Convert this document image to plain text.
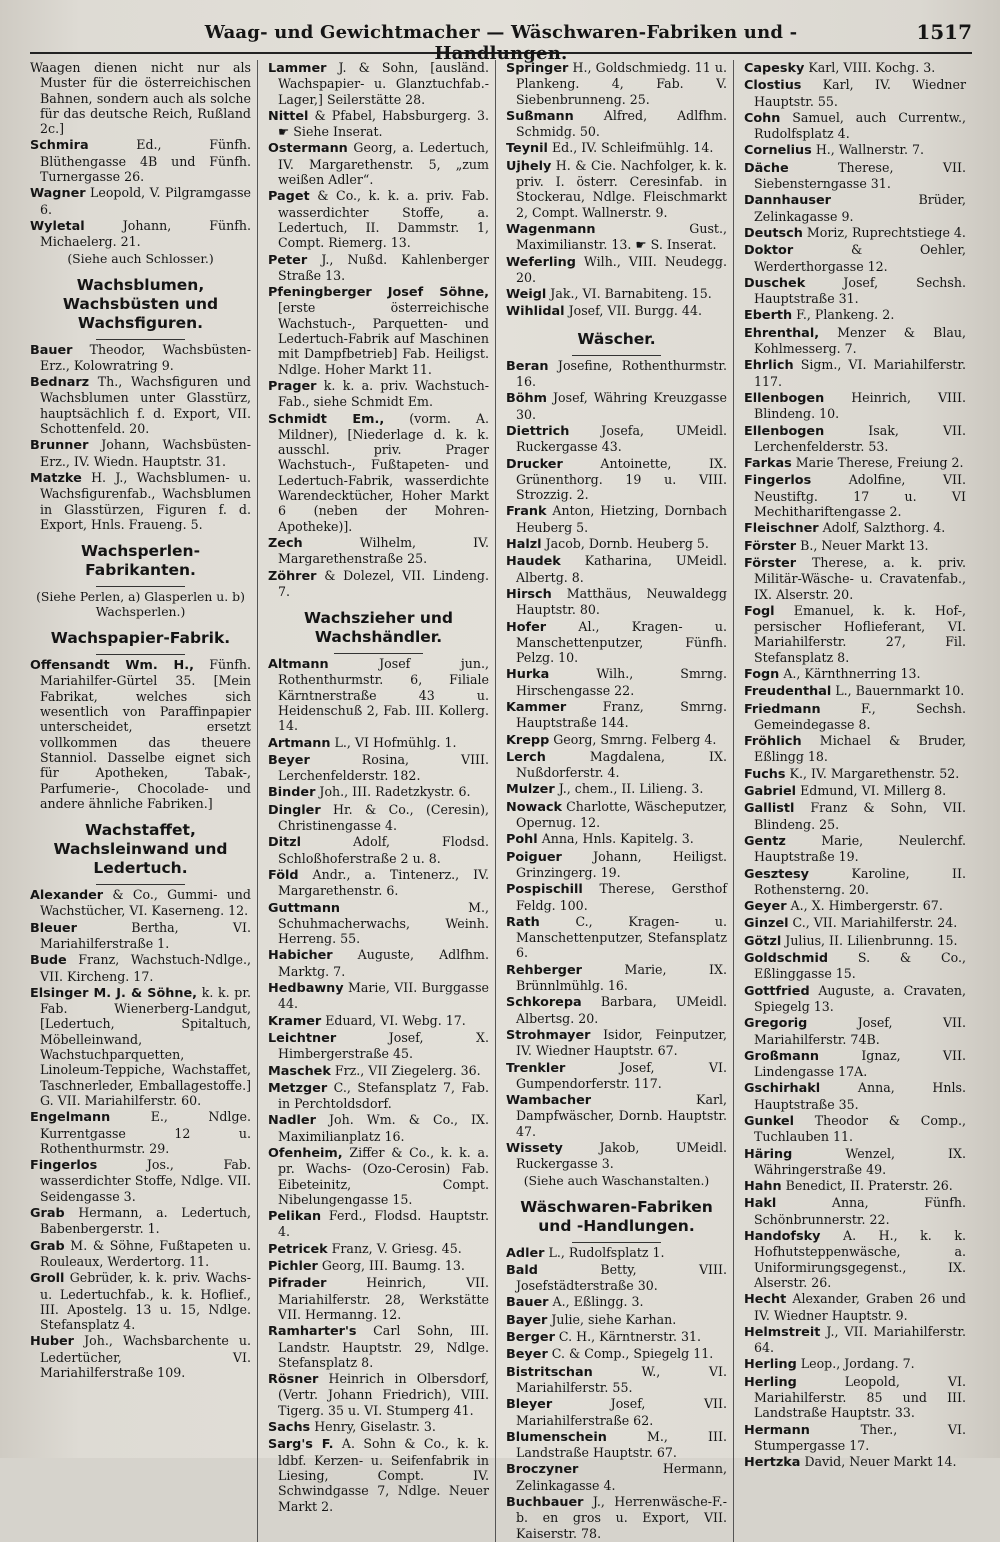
Waag- und Gewichtmacher — Wäschwaren-Fabriken und -Handlungen.
1517
Waagen dienen nicht nur als Muster für die österreichischen Bahnen, sondern auch als solche für das deutsche Reich, Rußland 2c.]
Schmira	Ed., Fünfh. Blüthengasse 4B und Fünfh. Turnergasse 26.
Wagner Leopold, V. Pilgramgasse 6.
Wyletal	Johann, Fünfh. Michaelerg. 21.
(Siehe auch Schlosser.)
Wachsblumen, Wachsbüsten und Wachsfiguren.
Bauer Theodor, Wachsbüsten-Erz., Kolowratring 9.
Bednarz Th., Wachsfiguren und Wachsblumen unter Glasstürz, hauptsächlich f. d. Export, VII. Schottenfeld. 20.
Brunner Johann, Wachsbüsten-Erz., IV. Wiedn. Hauptstr. 31.
Matzke H. J., Wachsblumen- u. Wachsfigurenfab., Wachsblumen in Glasstürzen, Figuren f. d. Export, Hnls. Fraueng. 5.
Wachsperlen-Fabrikanten.
(Siehe Perlen, a) Glasperlen u. b) Wachsperlen.)
Wachspapier-Fabrik.
Offensandt Wm. H., Fünfh. Mariahilfer-Gürtel 35. [Mein Fabrikat, welches sich wesentlich von Paraffinpapier unterscheidet, ersetzt vollkommen das theuere Stanniol. Dasselbe eignet sich für Apotheken, Tabak-, Parfumerie-, Chocolade- und andere ähnliche Fabriken.]
Wachstaffet, Wachsleinwand und Ledertuch.
Alexander & Co., Gummi- und Wachstücher, VI. Kaserneng. 12.
Bleuer	Bertha, VI. Mariahilferstraße 1.
Bude Franz, Wachstuch-Ndlge., VII. Kircheng. 17.
Elsinger M. J. & Söhne, k. k. pr. Fab. Wienerberg-Landgut, [Ledertuch, Spitaltuch, Möbelleinwand, Wachstuchparquetten, Linoleum-Teppiche, Wachstaffet, Taschnerleder, Emballagestoffe.] G. VII. Mariahilferstr. 60.
Engelmann	E., Ndlge. Kurrentgasse 12 u. Rothenthurmstr. 29.
Fingerlos	Jos., Fab. wasserdichter Stoffe, Ndlge. VII. Seidengasse 3.
Grab Hermann, a. Ledertuch, Babenbergerstr. 1.
Grab M. & Söhne, Fußtapeten u. Rouleaux, Werdertorg. 11.
Groll Gebrüder, k. k. priv. Wachs- u. Ledertuchfab., k. k. Hoflief., III. Apostelg. 13 u. 15, Ndlge. Stefansplatz 4.
Huber Joh., Wachsbarchente u. Ledertücher, VI. Mariahilferstraße 109.
Lammer J. & Sohn, [ausländ. Wachspapier- u. Glanztuchfab.-Lager,] Seilerstätte 28.
Nittel & Pfabel, Habsburgerg. 3. ☛ Siehe Inserat.
Ostermann Georg, a. Ledertuch, IV. Margarethenstr. 5, „zum weißen Adler“.
Paget & Co., k. k. a. priv. Fab. wasserdichter Stoffe, a. Ledertuch, II. Dammstr. 1, Compt. Riemerg. 13.
Peter J., Nußd. Kahlenberger Straße 13.
Pfeningberger Josef Söhne, [erste österreichische Wachstuch-, Parquetten- und Ledertuch-Fabrik auf Maschinen mit Dampfbetrieb] Fab. Heiligst. Ndlge. Hoher Markt 11.
Prager k. k. a. priv. Wachstuch-Fab., siehe Schmidt Em.
Schmidt Em., (vorm. A. Mildner), [Niederlage d. k. k. ausschl. priv. Prager Wachstuch-, Fußtapeten- und Ledertuch-Fabrik, wasserdichte Warendecktücher, Hoher Markt 6 (neben der Mohren-Apotheke)].
Zech	Wilhelm, IV. Margarethenstraße 25.
Zöhrer & Dolezel, VII. Lindeng. 7.
Wachszieher und Wachshändler.
Altmann	Josef jun., Rothenthurmstr. 6, Filiale Kärntnerstraße 43 u. Heidenschuß 2, Fab. III. Kollerg. 14.
Artmann L., VI Hofmühlg. 1.
Beyer	Rosina, VIII. Lerchenfelderstr. 182.
Binder Joh., III. Radetzkystr. 6.
Dingler Hr. & Co., (Ceresin), Christinengasse 4.
Ditzl	Adolf, Flodsd. Schloßhoferstraße 2 u. 8.
Föld Andr., a. Tintenerz., IV. Margarethenstr. 6.
Guttmann	M., Schuhmacherwachs, Weinh. Herreng. 55.
Habicher Auguste, Adlfhm. Marktg. 7.
Hedbawny Marie, VII. Burggasse 44.
Kramer Eduard, VI. Webg. 17.
Leichtner	Josef, X. Himbergerstraße 45.
Maschek Frz., VII Ziegelerg. 36.
Metzger C., Stefansplatz 7, Fab. in Perchtoldsdorf.
Nadler Joh. Wm. & Co., IX. Maximilianplatz 16.
Ofenheim, Ziffer & Co., k. k. a. pr. Wachs- (Ozo-Cerosin) Fab. Eibeteinitz, Compt. Nibelungengasse 15.
Pelikan Ferd., Flodsd. Hauptstr. 4.
Petricek Franz, V. Griesg. 45.
Pichler Georg, III. Baumg. 13.
Pifrader	Heinrich, VII. Mariahilferstr. 28, Werkstätte VII. Hermanng. 12.
Ramharter's Carl Sohn, III. Landstr. Hauptstr. 29, Ndlge. Stefansplatz 8.
Rösner Heinrich in Olbersdorf, (Vertr. Johann Friedrich), VIII. Tigerg. 35 u. VI. Stumperg 41.
Sachs Henry, Giselastr. 3.
Sarg's F. A. Sohn & Co., k. k. ldbf. Kerzen- u. Seifenfabrik in Liesing, Compt. IV. Schwindgasse 7, Ndlge. Neuer Markt 2.
Springer H., Goldschmiedg. 11 u. Plankeng. 4, Fab. V. Siebenbrunneng. 25.
Sußmann Alfred, Adlfhm. Schmidg. 50.
Teynil Ed., IV. Schleifmühlg. 14.
Ujhely H. & Cie. Nachfolger, k. k. priv. I. österr. Ceresinfab. in Stockerau, Ndlge. Fleischmarkt 2, Compt. Wallnerstr. 9.
Wagenmann	Gust., Maximilianstr. 13. ☛ S. Inserat.
Weferling Wilh., VIII. Neudegg. 20.
Weigl Jak., VI. Barnabiteng. 15.
Wihlidal Josef, VII. Burgg. 44.
Wäscher.
Beran Josefine, Rothenthurmstr. 16.
Böhm Josef, Währing Kreuzgasse 30.
Diettrich	Josefa, UMeidl. Ruckergasse 43.
Drucker	Antoinette, IX. Grünenthorg. 19 u. VIII. Strozzig. 2.
Frank Anton, Hietzing, Dornbach Heuberg 5.
Halzl Jacob, Dornb. Heuberg 5.
Haudek Katharina, UMeidl. Albertg. 8.
Hirsch Matthäus, Neuwaldegg Hauptstr. 80.
Hofer	Al., Kragen- u. Manschettenputzer, Fünfh. Pelzg. 10.
Hurka	Wilh., Smrng. Hirschengasse 22.
Kammer	Franz, Smrng. Hauptstraße 144.
Krepp Georg, Smrng. Felberg 4.
Lerch	Magdalena, IX. Nußdorferstr. 4.
Mulzer J., chem., II. Lilieng. 3.
Nowack Charlotte, Wäscheputzer, Opernug. 12.
Pohl Anna, Hnls. Kapitelg. 3.
Poiguer Johann, Heiligst. Grinzingerg. 19.
Pospischill Therese, Gersthof Feldg. 100.
Rath	C., Kragen- u. Manschettenputzer, Stefansplatz 6.
Rehberger	Marie, IX. Brünnlmühlg. 16.
Schkorepa Barbara, UMeidl. Albertsg. 20.
Strohmayer Isidor, Feinputzer, IV. Wiedner Hauptstr. 67.
Trenkler	Josef, VI. Gumpendorferstr. 117.
Wambacher	Karl, Dampfwäscher, Dornb. Hauptstr. 47.
Wissety	Jakob, UMeidl. Ruckergasse 3.
(Siehe auch Waschanstalten.)
Wäschwaren-Fabriken und -Handlungen.
Adler L., Rudolfsplatz 1.
Bald	Betty, VIII. Josefstädterstraße 30.
Bauer A., Eßlingg. 3.
Bayer Julie, siehe Karhan.
Berger C. H., Kärntnerstr. 31.
Beyer C. & Comp., Spiegelg 11.
Bistritschan	W., VI. Mariahilferstr. 55.
Bleyer	Josef, VII. Mariahilferstraße 62.
Blumenschein	M., III. Landstraße Hauptstr. 67.
Broczyner	Hermann, Zelinkagasse 4.
Buchbauer J., Herrenwäsche-F.-b. en gros u. Export, VII. Kaiserstr. 78.
Capesky Karl, VIII. Kochg. 3.
Clostius Karl, IV. Wiedner Hauptstr. 55.
Cohn Samuel, auch Currentw., Rudolfsplatz 4.
Cornelius H., Wallnerstr. 7.
Däche	Therese, VII. Siebensterngasse 31.
Dannhauser	Brüder, Zelinkagasse 9.
Deutsch Moriz, Ruprechtstiege 4.
Doktor	& Oehler, Werderthorgasse 12.
Duschek	Josef, Sechsh. Hauptstraße 31.
Eberth F., Plankeng. 2.
Ehrenthal, Menzer & Blau, Kohlmesserg. 7.
Ehrlich Sigm., VI. Mariahilferstr. 117.
Ellenbogen Heinrich, VIII. Blindeng. 10.
Ellenbogen	Isak, VII. Lerchenfelderstr. 53.
Farkas Marie Therese, Freiung 2.
Fingerlos	Adolfine, VII. Neustiftg. 17 u. VI Mechithariftengasse 2.
Fleischner Adolf, Salzthorg. 4.
Förster B., Neuer Markt 13.
Förster Therese, a. k. priv. Militär-Wäsche- u. Cravatenfab., IX. Alserstr. 20.
Fogl Emanuel, k. k. Hof-, persischer Hoflieferant, VI. Mariahilferstr. 27, Fil. Stefansplatz 8.
Fogn A., Kärnthnerring 13.
Freudenthal L., Bauernmarkt 10.
Friedmann	F., Sechsh. Gemeindegasse 8.
Fröhlich Michael & Bruder, Eßlingg 18.
Fuchs K., IV. Margarethenstr. 52.
Gabriel Edmund, VI. Millerg 8.
Gallistl Franz & Sohn, VII. Blindeng. 25.
Gentz	Marie, Neulerchf. Hauptstraße 19.
Gesztesy	Karoline, II. Rothensterng. 20.
Geyer A., X. Himbergerstr. 67.
Ginzel C., VII. Mariahilferstr. 24.
Götzl Julius, II. Lilienbrunng. 15.
Goldschmid S. & Co., Eßlinggasse 15.
Gottfried Auguste, a. Cravaten, Spiegelg 13.
Gregorig	Josef, VII. Mariahilferstr. 74B.
Großmann	Ignaz, VII. Lindengasse 17A.
Gschirhakl	Anna, Hnls. Hauptstraße 35.
Gunkel Theodor & Comp., Tuchlauben 11.
Häring	Wenzel, IX. Währingerstraße 49.
Hahn Benedict, II. Praterstr. 26.
Hakl	Anna, Fünfh. Schönbrunnerstr. 22.
Handofsky A. H., k. k. Hofhutsteppenwäsche, a. Uniformirungsgegenst., IX. Alserstr. 26.
Hecht Alexander, Graben 26 und IV. Wiedner Hauptstr. 9.
Helmstreit J., VII. Mariahilferstr. 64.
Herling Leop., Jordang. 7.
Herling	Leopold, VI. Mariahilferstr. 85 und III. Landstraße Hauptstr. 33.
Hermann	Ther., VI. Stumpergasse 17.
Hertzka David, Neuer Markt 14.
